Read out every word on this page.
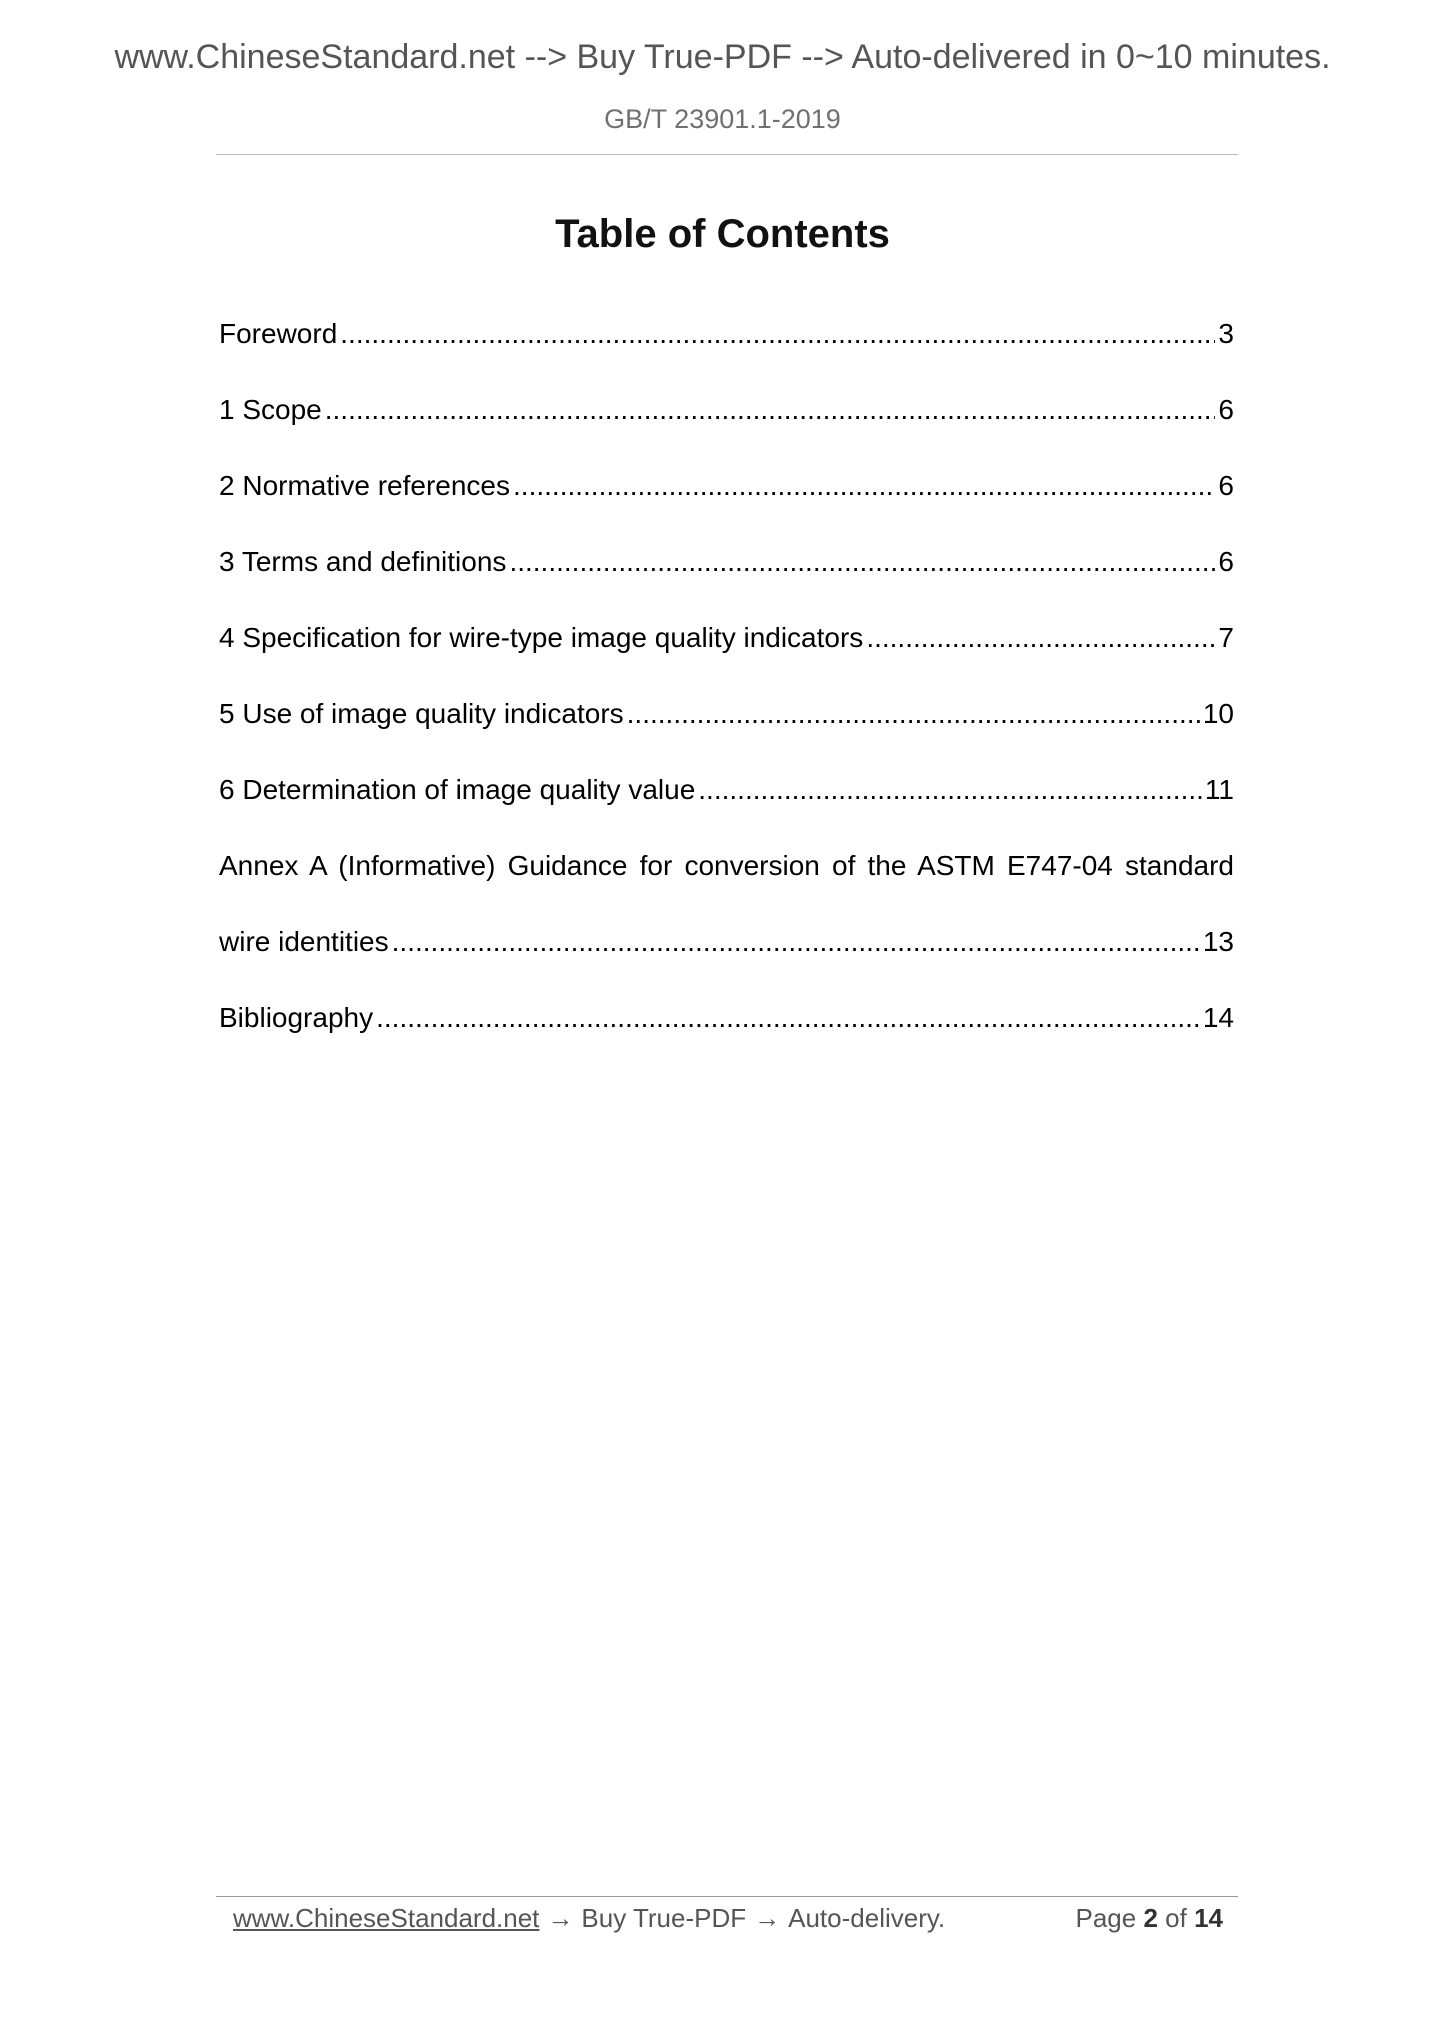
www.ChineseStandard.net --> Buy True-PDF --> Auto-delivered in 0~10 minutes.
GB/T 23901.1-2019
Table of Contents
Foreword .....	3
1 Scope .....	6
2 Normative references .....	6
3 Terms and definitions .....	6
4 Specification for wire-type image quality indicators .....	7
5 Use of image quality indicators .....	10
6 Determination of image quality value .....	11
Annex A (Informative) Guidance for conversion of the ASTM E747-04 standard
wire identities .....	13
Bibliography .....	14
www.ChineseStandard.net → Buy True-PDF → Auto-delivery.	Page 2 of 14
